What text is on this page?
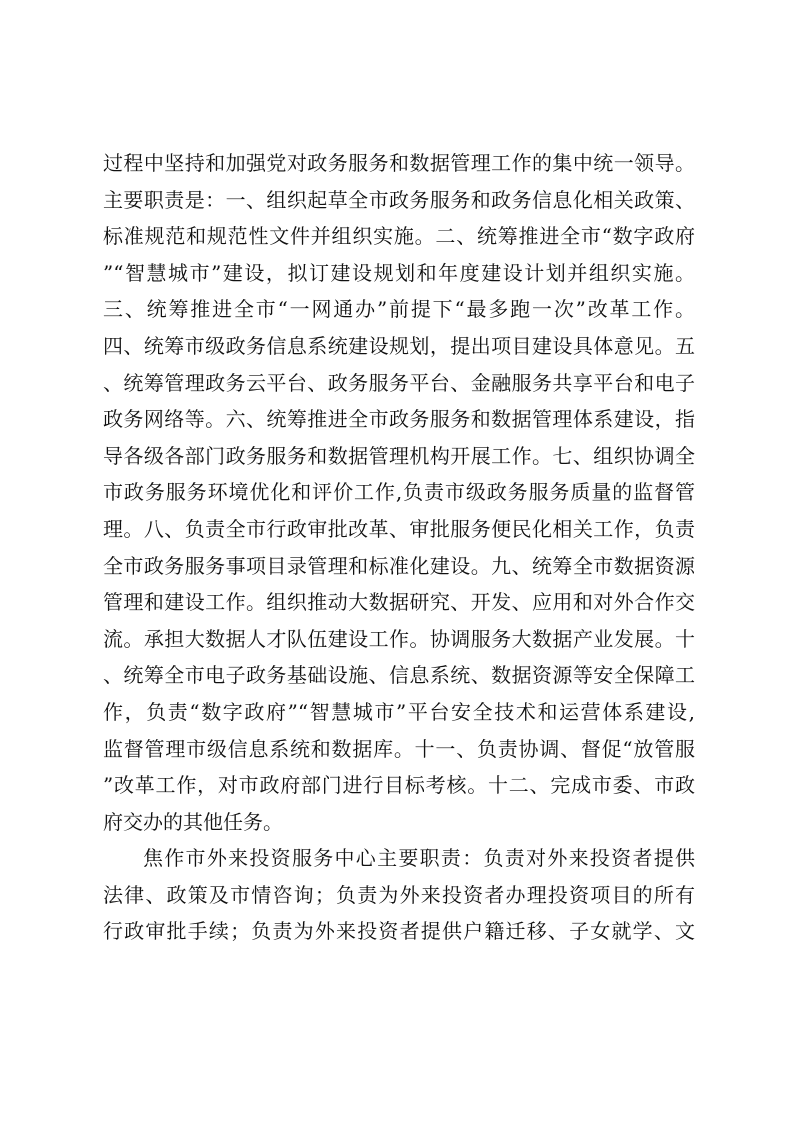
过程中坚持和加强党对政务服务和数据管理工作的集中统一领导。
主要职责是：一、组织起草全市政务服务和政务信息化相关政策、
标准规范和规范性文件并组织实施。二、统筹推进全市“数字政府
”“智慧城市”建设，拟订建设规划和年度建设计划并组织实施。
三、统筹推进全市“一网通办”前提下“最多跑一次”改革工作。
四、统筹市级政务信息系统建设规划，提出项目建设具体意见。五
、统筹管理政务云平台、政务服务平台、金融服务共享平台和电子
政务网络等。六、统筹推进全市政务服务和数据管理体系建设，指
导各级各部门政务服务和数据管理机构开展工作。七、组织协调全
市政务服务环境优化和评价工作,负责市级政务服务质量的监督管
理。八、负责全市行政审批改革、审批服务便民化相关工作，负责
全市政务服务事项目录管理和标准化建设。九、统筹全市数据资源
管理和建设工作。组织推动大数据研究、开发、应用和对外合作交
流。承担大数据人才队伍建设工作。协调服务大数据产业发展。十
、统筹全市电子政务基础设施、信息系统、数据资源等安全保障工
作，负责“数字政府”“智慧城市”平台安全技术和运营体系建设,
监督管理市级信息系统和数据库。十一、负责协调、督促“放管服
”改革工作，对市政府部门进行目标考核。十二、完成市委、市政
府交办的其他任务。
焦作市外来投资服务中心主要职责：负责对外来投资者提供
法律、政策及市情咨询；负责为外来投资者办理投资项目的所有
行政审批手续；负责为外来投资者提供户籍迁移、子女就学、文
